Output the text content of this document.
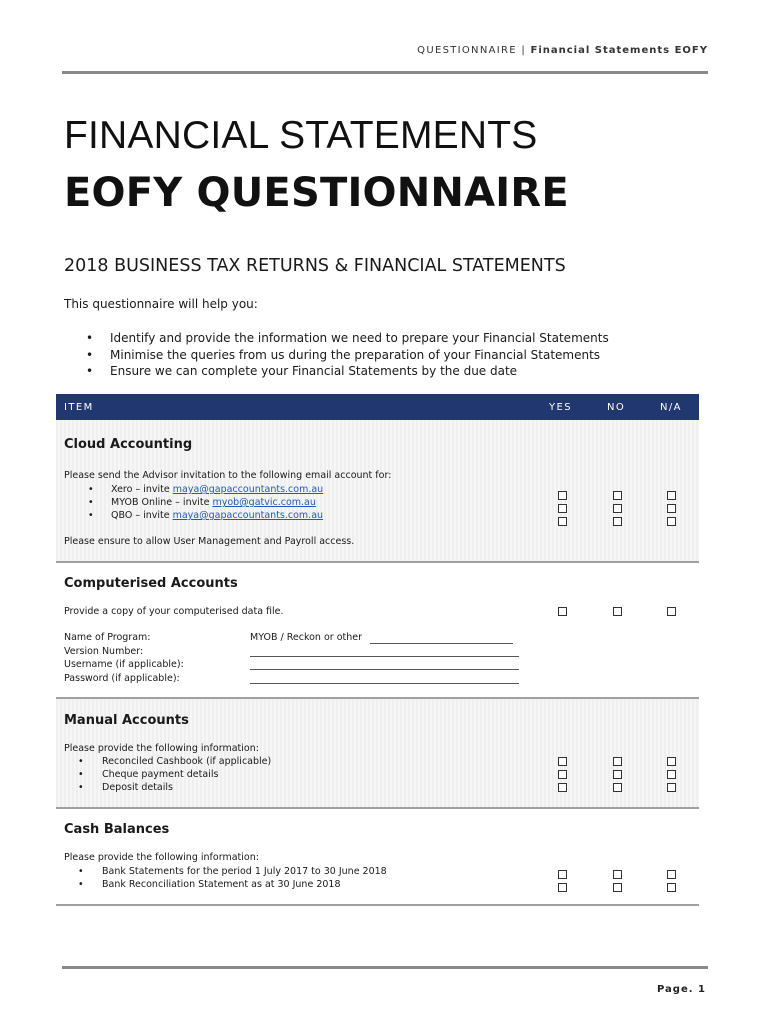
QUESTIONNAIRE | Financial Statements EOFY
FINANCIAL STATEMENTS
EOFY QUESTIONNAIRE
2018 BUSINESS TAX RETURNS & FINANCIAL STATEMENTS
This questionnaire will help you:
• Identify and provide the information we need to prepare your Financial Statements
• Minimise the queries from us during the preparation of your Financial Statements
• Ensure we can complete your Financial Statements by the due date
ITEM	YES	NO	N/A
Cloud Accounting
Please send the Advisor invitation to the following email account for:
• Xero – invite maya@gapaccountants.com.au
• MYOB Online – invite myob@gatvic.com.au
• QBO – invite maya@gapaccountants.com.au
Please ensure to allow User Management and Payroll access.
Computerised Accounts
Provide a copy of your computerised data file.
Name of Program:	MYOB / Reckon or other
Version Number:
Username (if applicable):
Password (if applicable):
Manual Accounts
Please provide the following information:
• Reconciled Cashbook (if applicable)
• Cheque payment details
• Deposit details
Cash Balances
Please provide the following information:
• Bank Statements for the period 1 July 2017 to 30 June 2018
• Bank Reconciliation Statement as at 30 June 2018
Page. 1
